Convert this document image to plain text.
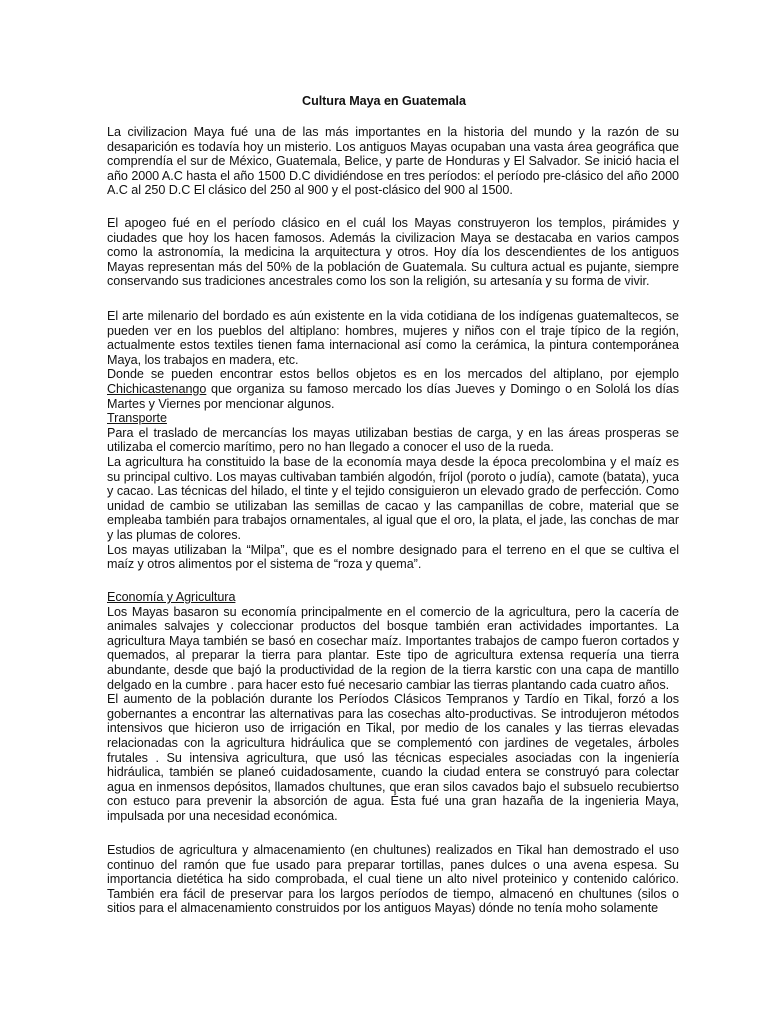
Cultura Maya en Guatemala

La civilizacion Maya fué una de las más importantes en la historia del mundo y la razón de su desaparición es todavía hoy un misterio. Los antiguos Mayas ocupaban una vasta área geográfica que comprendía el sur de México, Guatemala, Belice, y parte de Honduras y El Salvador. Se inició hacia el año 2000 A.C hasta el año 1500 D.C dividiéndose en tres períodos: el período pre-clásico del año 2000 A.C al 250 D.C El clásico del 250 al 900 y el post-clásico del 900 al 1500.

El apogeo fué en el período clásico en el cuál los Mayas construyeron los templos, pirámides y ciudades que hoy los hacen famosos. Además la civilizacion Maya se destacaba en varios campos como la astronomía, la medicina la arquitectura y otros. Hoy día los descendientes de los antiguos Mayas representan más del 50% de la población de Guatemala. Su cultura actual es pujante, siempre conservando sus tradiciones ancestrales como los son la religión, su artesanía y su forma de vivir.

El arte milenario del bordado es aún existente en la vida cotidiana de los indígenas guatemaltecos, se pueden ver en los pueblos del altiplano: hombres, mujeres y niños con el traje típico de la región, actualmente estos textiles tienen fama internacional así como la cerámica, la pintura contemporánea Maya, los trabajos en madera, etc.

Donde se pueden encontrar estos bellos objetos es en los mercados del altiplano, por ejemplo Chichicastenango que organiza su famoso mercado los días Jueves y Domingo o en Sololá los días Martes y Viernes por mencionar algunos.

Transporte

Para el traslado de mercancías los mayas utilizaban bestias de carga, y en las áreas prosperas se utilizaba el comercio marítimo, pero no han llegado a conocer el uso de la rueda.

La agricultura ha constituido la base de la economía maya desde la época precolombina y el maíz es su principal cultivo. Los mayas cultivaban también algodón, fríjol (poroto o judía), camote (batata), yuca y cacao. Las técnicas del hilado, el tinte y el tejido consiguieron un elevado grado de perfección. Como unidad de cambio se utilizaban las semillas de cacao y las campanillas de cobre, material que se empleaba también para trabajos ornamentales, al igual que el oro, la plata, el jade, las conchas de mar y las plumas de colores.

Los mayas utilizaban la “Milpa”, que es el nombre designado para el terreno en el que se cultiva el maíz y otros alimentos por el sistema de “roza y quema”.

Economía y Agricultura

Los Mayas basaron su economía principalmente en el comercio de la agricultura, pero la cacería de animales salvajes y coleccionar productos del bosque también eran actividades importantes. La agricultura Maya también se basó en cosechar maíz. Importantes trabajos de campo fueron cortados y quemados, al preparar la tierra para plantar. Este tipo de agricultura extensa requería una tierra abundante, desde que bajó la productividad de la region de la tierra karstic con una capa de mantillo delgado en la cumbre . para hacer esto fué necesario cambiar las tierras plantando cada cuatro años.

El aumento de la población durante los Períodos Clásicos Tempranos y Tardío en Tikal, forzó a los gobernantes a encontrar las alternativas para las cosechas alto-productivas. Se introdujeron métodos intensivos que hicieron uso de irrigación en Tikal, por medio de los canales y las tierras elevadas relacionadas con la agricultura hidráulica que se complementó con jardines de vegetales, árboles frutales . Su intensiva agricultura, que usó las técnicas especiales asociadas con la ingeniería hidráulica, también se planeó cuidadosamente, cuando la ciudad entera se construyó para colectar agua en inmensos depósitos, llamados chultunes, que eran silos cavados bajo el subsuelo recubiertso con estuco para prevenir la absorción de agua. Ésta fué una gran hazaña de la ingenieria Maya, impulsada por una necesidad económica.

Estudios de agricultura y almacenamiento (en chultunes) realizados en Tikal han demostrado el uso continuo del ramón que fue usado para preparar tortillas, panes dulces o una avena espesa. Su importancia dietética ha sido comprobada, el cual tiene un alto nivel proteinico y contenido calórico. También era fácil de preservar para los largos períodos de tiempo, almacenó en chultunes (silos o sitios para el almacenamiento construidos por los antiguos Mayas) dónde no tenía moho solamente
